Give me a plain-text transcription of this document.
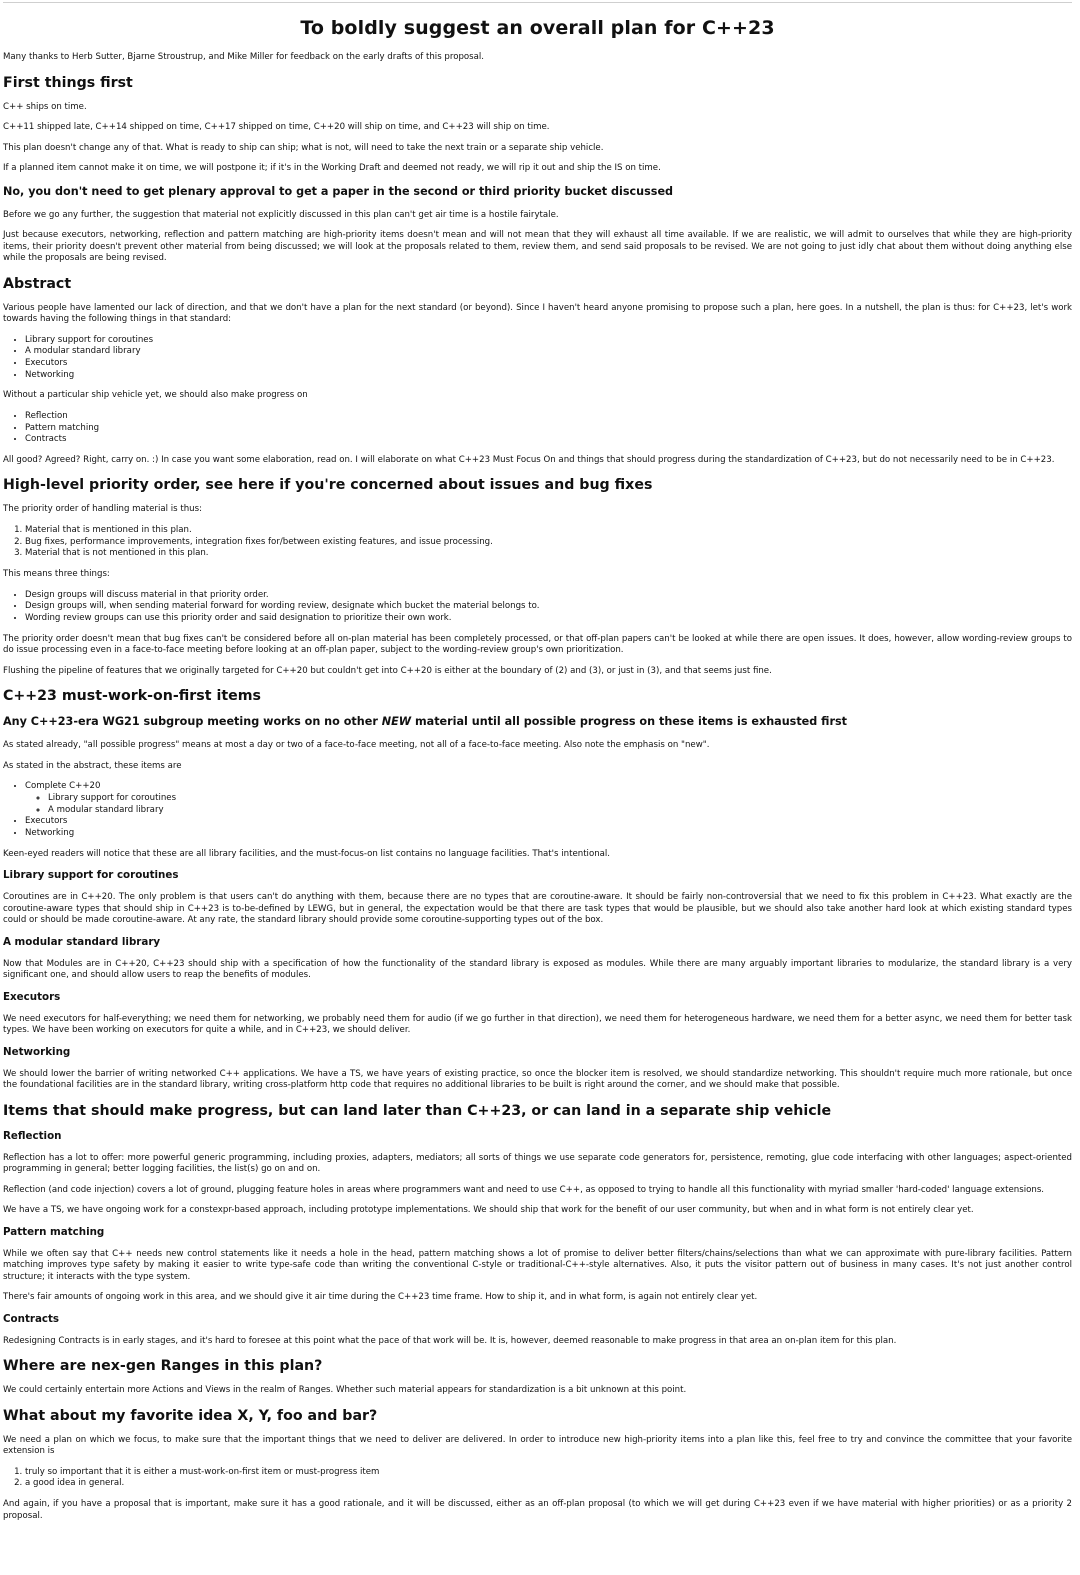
To boldly suggest an overall plan for C++23

Many thanks to Herb Sutter, Bjarne Stroustrup, and Mike Miller for feedback on the early drafts of this proposal.

First things first

C++ ships on time.

C++11 shipped late, C++14 shipped on time, C++17 shipped on time, C++20 will ship on time, and C++23 will ship on time.

This plan doesn't change any of that. What is ready to ship can ship; what is not, will need to take the next train or a separate ship vehicle.

If a planned item cannot make it on time, we will postpone it; if it's in the Working Draft and deemed not ready, we will rip it out and ship the IS on time.

No, you don't need to get plenary approval to get a paper in the second or third priority bucket discussed

Before we go any further, the suggestion that material not explicitly discussed in this plan can't get air time is a hostile fairytale.

Just because executors, networking, reflection and pattern matching are high-priority items doesn't mean and will not mean that they will exhaust all time available. If we are realistic, we will admit to ourselves that while they are high-priority items, their priority doesn't prevent other material from being discussed; we will look at the proposals related to them, review them, and send said proposals to be revised. We are not going to just idly chat about them without doing anything else while the proposals are being revised.

Abstract

Various people have lamented our lack of direction, and that we don't have a plan for the next standard (or beyond). Since I haven't heard anyone promising to propose such a plan, here goes. In a nutshell, the plan is thus: for C++23, let's work towards having the following things in that standard:

• Library support for coroutines
• A modular standard library
• Executors
• Networking

Without a particular ship vehicle yet, we should also make progress on

• Reflection
• Pattern matching
• Contracts

All good? Agreed? Right, carry on. :) In case you want some elaboration, read on. I will elaborate on what C++23 Must Focus On and things that should progress during the standardization of C++23, but do not necessarily need to be in C++23.

High-level priority order, see here if you're concerned about issues and bug fixes

The priority order of handling material is thus:

1. Material that is mentioned in this plan.
2. Bug fixes, performance improvements, integration fixes for/between existing features, and issue processing.
3. Material that is not mentioned in this plan.

This means three things:

• Design groups will discuss material in that priority order.
• Design groups will, when sending material forward for wording review, designate which bucket the material belongs to.
• Wording review groups can use this priority order and said designation to prioritize their own work.

The priority order doesn't mean that bug fixes can't be considered before all on-plan material has been completely processed, or that off-plan papers can't be looked at while there are open issues. It does, however, allow wording-review groups to do issue processing even in a face-to-face meeting before looking at an off-plan paper, subject to the wording-review group's own prioritization.

Flushing the pipeline of features that we originally targeted for C++20 but couldn't get into C++20 is either at the boundary of (2) and (3), or just in (3), and that seems just fine.

C++23 must-work-on-first items
Any C++23-era WG21 subgroup meeting works on no other NEW material until all possible progress on these items is exhausted first

As stated already, "all possible progress" means at most a day or two of a face-to-face meeting, not all of a face-to-face meeting. Also note the emphasis on "new".

As stated in the abstract, these items are

• Complete C++20
◦ Library support for coroutines
◦ A modular standard library
• Executors
• Networking

Keen-eyed readers will notice that these are all library facilities, and the must-focus-on list contains no language facilities. That's intentional.

Library support for coroutines

Coroutines are in C++20. The only problem is that users can't do anything with them, because there are no types that are coroutine-aware. It should be fairly non-controversial that we need to fix this problem in C++23. What exactly are the coroutine-aware types that should ship in C++23 is to-be-defined by LEWG, but in general, the expectation would be that there are task types that would be plausible, but we should also take another hard look at which existing standard types could or should be made coroutine-aware. At any rate, the standard library should provide some coroutine-supporting types out of the box.

A modular standard library

Now that Modules are in C++20, C++23 should ship with a specification of how the functionality of the standard library is exposed as modules. While there are many arguably important libraries to modularize, the standard library is a very significant one, and should allow users to reap the benefits of modules.

Executors

We need executors for half-everything; we need them for networking, we probably need them for audio (if we go further in that direction), we need them for heterogeneous hardware, we need them for a better async, we need them for better task types. We have been working on executors for quite a while, and in C++23, we should deliver.

Networking

We should lower the barrier of writing networked C++ applications. We have a TS, we have years of existing practice, so once the blocker item is resolved, we should standardize networking. This shouldn't require much more rationale, but once the foundational facilities are in the standard library, writing cross-platform http code that requires no additional libraries to be built is right around the corner, and we should make that possible.

Items that should make progress, but can land later than C++23, or can land in a separate ship vehicle
Reflection

Reflection has a lot to offer: more powerful generic programming, including proxies, adapters, mediators; all sorts of things we use separate code generators for, persistence, remoting, glue code interfacing with other languages; aspect-oriented programming in general; better logging facilities, the list(s) go on and on.

Reflection (and code injection) covers a lot of ground, plugging feature holes in areas where programmers want and need to use C++, as opposed to trying to handle all this functionality with myriad smaller 'hard-coded' language extensions.

We have a TS, we have ongoing work for a constexpr-based approach, including prototype implementations. We should ship that work for the benefit of our user community, but when and in what form is not entirely clear yet.

Pattern matching

While we often say that C++ needs new control statements like it needs a hole in the head, pattern matching shows a lot of promise to deliver better filters/chains/selections than what we can approximate with pure-library facilities. Pattern matching improves type safety by making it easier to write type-safe code than writing the conventional C-style or traditional-C++-style alternatives. Also, it puts the visitor pattern out of business in many cases. It's not just another control structure; it interacts with the type system.

There's fair amounts of ongoing work in this area, and we should give it air time during the C++23 time frame. How to ship it, and in what form, is again not entirely clear yet.

Contracts

Redesigning Contracts is in early stages, and it's hard to foresee at this point what the pace of that work will be. It is, however, deemed reasonable to make progress in that area an on-plan item for this plan.

Where are nex-gen Ranges in this plan?

We could certainly entertain more Actions and Views in the realm of Ranges. Whether such material appears for standardization is a bit unknown at this point.

What about my favorite idea X, Y, foo and bar?

We need a plan on which we focus, to make sure that the important things that we need to deliver are delivered. In order to introduce new high-priority items into a plan like this, feel free to try and convince the committee that your favorite extension is

1. truly so important that it is either a must-work-on-first item or must-progress item
2. a good idea in general.

And again, if you have a proposal that is important, make sure it has a good rationale, and it will be discussed, either as an off-plan proposal (to which we will get during C++23 even if we have material with higher priorities) or as a priority 2 proposal.
